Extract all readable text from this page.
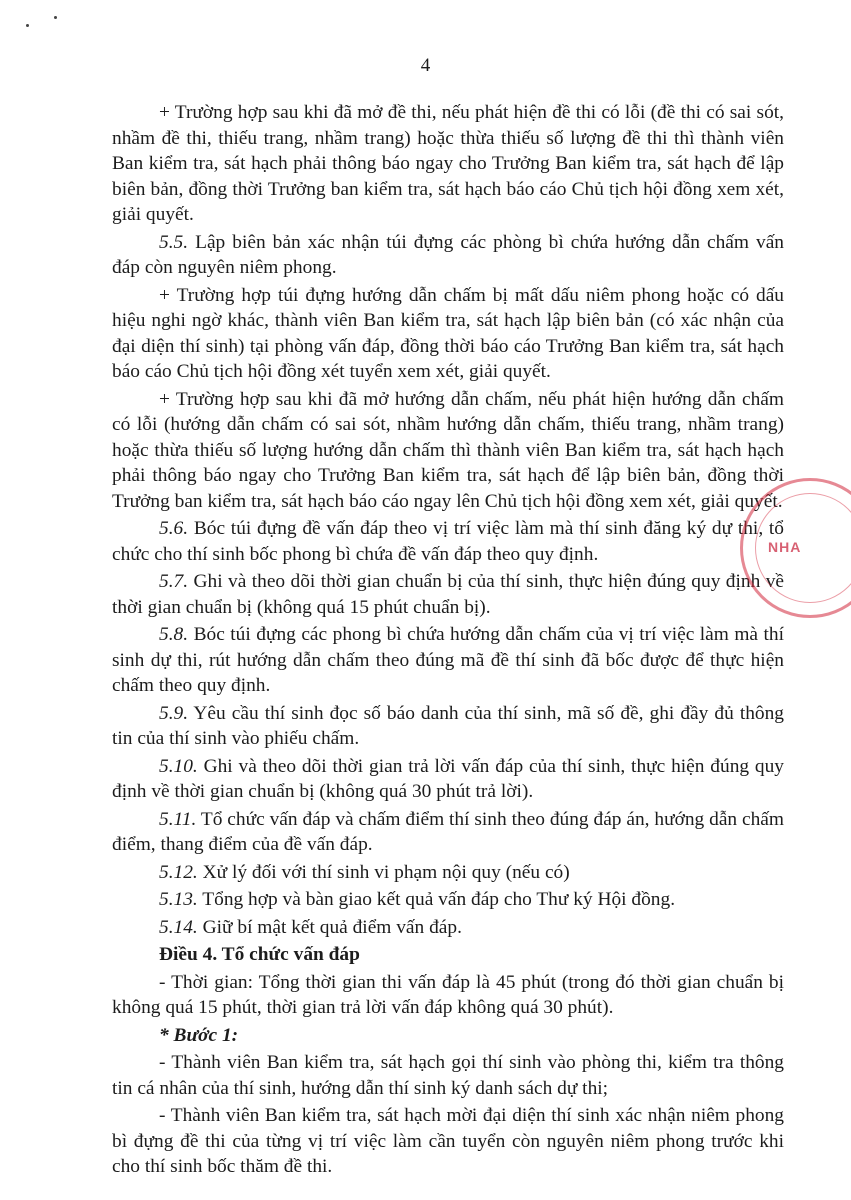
4

+ Trường hợp sau khi đã mở đề thi, nếu phát hiện đề thi có lỗi (đề thi có sai sót, nhầm đề thi, thiếu trang, nhầm trang) hoặc thừa thiếu số lượng đề thi thì thành viên Ban kiểm tra, sát hạch phải thông báo ngay cho Trưởng Ban kiểm tra, sát hạch để lập biên bản, đồng thời Trưởng ban kiểm tra, sát hạch báo cáo Chủ tịch hội đồng xem xét, giải quyết.

5.5. Lập biên bản xác nhận túi đựng các phòng bì chứa hướng dẫn chấm vấn đáp còn nguyên niêm phong.

+ Trường hợp túi đựng hướng dẫn chấm bị mất dấu niêm phong hoặc có dấu hiệu nghi ngờ khác, thành viên Ban kiểm tra, sát hạch lập biên bản (có xác nhận của đại diện thí sinh) tại phòng vấn đáp, đồng thời báo cáo Trưởng Ban kiểm tra, sát hạch báo cáo Chủ tịch hội đồng xét tuyển xem xét, giải quyết.

+ Trường hợp sau khi đã mở hướng dẫn chấm, nếu phát hiện hướng dẫn chấm có lỗi (hướng dẫn chấm có sai sót, nhầm hướng dẫn chấm, thiếu trang, nhầm trang) hoặc thừa thiếu số lượng hướng dẫn chấm thì thành viên Ban kiểm tra, sát hạch hạch phải thông báo ngay cho Trưởng Ban kiểm tra, sát hạch để lập biên bản, đồng thời Trưởng ban kiểm tra, sát hạch báo cáo ngay lên Chủ tịch hội đồng xem xét, giải quyết.

5.6. Bóc túi đựng đề vấn đáp theo vị trí việc làm mà thí sinh đăng ký dự thi, tổ chức cho thí sinh bốc phong bì chứa đề vấn đáp theo quy định.

5.7. Ghi và theo dõi thời gian chuẩn bị của thí sinh, thực hiện đúng quy định về thời gian chuẩn bị (không quá 15 phút chuẩn bị).

5.8. Bóc túi đựng các phong bì chứa hướng dẫn chấm của vị trí việc làm mà thí sinh dự thi, rút hướng dẫn chấm theo đúng mã đề thí sinh đã bốc được để thực hiện chấm theo quy định.

5.9. Yêu cầu thí sinh đọc số báo danh của thí sinh, mã số đề, ghi đầy đủ thông tin của thí sinh vào phiếu chấm.

5.10. Ghi và theo dõi thời gian trả lời vấn đáp của thí sinh, thực hiện đúng quy định về thời gian chuẩn bị (không quá 30 phút trả lời).

5.11. Tổ chức vấn đáp và chấm điểm thí sinh theo đúng đáp án, hướng dẫn chấm điểm, thang điểm của đề vấn đáp.

5.12. Xử lý đối với thí sinh vi phạm nội quy (nếu có)

5.13. Tổng hợp và bàn giao kết quả vấn đáp cho Thư ký Hội đồng.

5.14. Giữ bí mật kết quả điểm vấn đáp.

Điều 4. Tổ chức vấn đáp

- Thời gian: Tổng thời gian thi vấn đáp là 45 phút (trong đó thời gian chuẩn bị không quá 15 phút, thời gian trả lời vấn đáp không quá 30 phút).

* Bước 1:

- Thành viên Ban kiểm tra, sát hạch gọi thí sinh vào phòng thi, kiểm tra thông tin cá nhân của thí sinh, hướng dẫn thí sinh ký danh sách dự thi;

- Thành viên Ban kiểm tra, sát hạch mời đại diện thí sinh xác nhận niêm phong bì đựng đề thi của từng vị trí việc làm cần tuyển còn nguyên niêm phong trước khi cho thí sinh bốc thăm đề thi.

NHA
